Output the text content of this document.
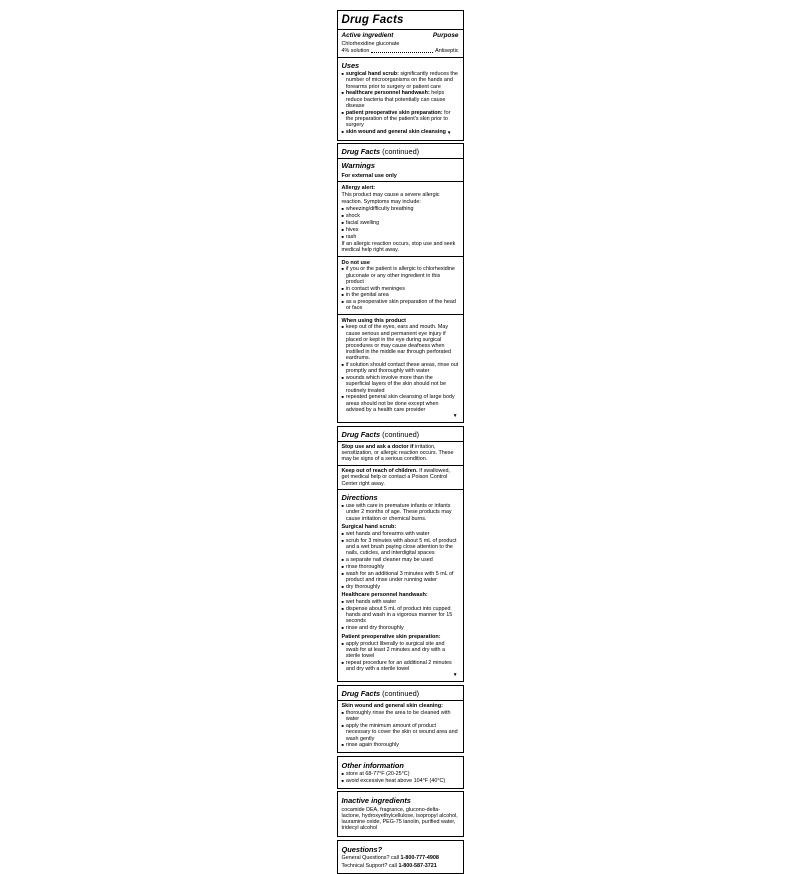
Drug Facts
Active ingredient	Purpose
Chlorhexidine gluconate
4% solution	Antiseptic
Uses
■ surgical hand scrub: significantly reduces the number of microorganisms on the hands and forearms prior to surgery or patient care
■ healthcare personnel handwash: helps reduce bacteria that potentially can cause disease
■ patient preoperative skin preparation: for the preparation of the patient's skin prior to surgery
■ skin wound and general skin cleansing▼
Drug Facts (continued)
Warnings
For external use only
Allergy alert:
This product may cause a severe allergic reaction. Symptoms may include:
■ wheezing/difficulty breathing
■ shock
■ facial swelling
■ hives
■ rash
If an allergic reaction occurs, stop use and seek medical help right away.
Do not use
■ if you or the patient is allergic to chlorhexidine gluconate or any other ingredient in this product
■ in contact with meninges
■ in the genital area
■ as a preoperative skin preparation of the head or face
When using this product
■ keep out of the eyes, ears and mouth. May cause serious and permanent eye injury if placed or kept in the eye during surgical procedures or may cause deafness when instilled in the middle ear through perforated eardrums.
■ if solution should contact these areas, rinse out promptly and thoroughly with water
■ wounds which involve more than the superficial layers of the skin should not be routinely treated
■ repeated general skin cleansing of large body areas should not be done except when advised by a health care provider
▼
Drug Facts (continued)
Stop use and ask a doctor if irritation, sensitization, or allergic reaction occurs. These may be signs of a serious condition.
Keep out of reach of children. If swallowed, get medical help or contact a Poison Control Center right away.
Directions
■ use with care in premature infants or infants under 2 months of age. These products may cause irritation or chemical burns.
Surgical hand scrub:
■ wet hands and forearms with water
■ scrub for 3 minutes with about 5 mL of product and a wet brush paying close attention to the nails, cuticles, and interdigital spaces
■ a separate nail cleaner may be used
■ rinse thoroughly
■ wash for an additional 3 minutes with 5 mL of product and rinse under running water
■ dry thoroughly
Healthcare personnel handwash:
■ wet hands with water
■ dispense about 5 mL of product into cupped hands and wash in a vigorous manner for 15 seconds
■ rinse and dry thoroughly
Patient preoperative skin preparation:
■ apply product liberally to surgical site and swab for at least 2 minutes and dry with a sterile towel
■ repeat procedure for an additional 2 minutes and dry with a sterile towel
▼
Drug Facts (continued)
Skin wound and general skin cleaning:
■ thoroughly rinse the area to be cleaned with water
■ apply the minimum amount of product necessary to cover the skin or wound area and wash gently
■ rinse again thoroughly
Other information
■ store at 68-77°F (20-25°C)
■ avoid excessive heat above 104°F (40°C)
Inactive ingredients
cocamide DEA, fragrance, glucono-delta-lactone, hydroxyethylcellulose, isopropyl alcohol, lauramine oxide, PEG-75 lanolin, purified water, tridecyl alcohol
Questions?
General Questions? call 1-800-777-4908
Technical Support? call 1-800-587-3721
